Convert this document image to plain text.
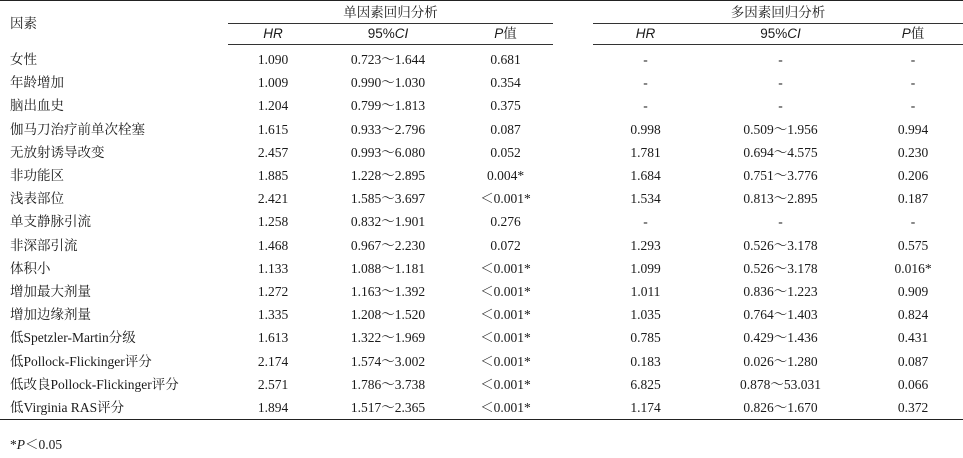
因素	单因素回归分析				多因素回归分析		
	HR	95%CI	P值		HR	95%CI	P值
女性	1.090	0.723～1.644	0.681		-	-	-
年龄增加	1.009	0.990～1.030	0.354		-	-	-
脑出血史	1.204	0.799～1.813	0.375		-	-	-
伽马刀治疗前单次栓塞	1.615	0.933～2.796	0.087		0.998	0.509～1.956	0.994
无放射诱导改变	2.457	0.993～6.080	0.052		1.781	0.694～4.575	0.230
非功能区	1.885	1.228～2.895	0.004*		1.684	0.751～3.776	0.206
浅表部位	2.421	1.585～3.697	＜0.001*		1.534	0.813～2.895	0.187
单支静脉引流	1.258	0.832～1.901	0.276		-	-	-
非深部引流	1.468	0.967～2.230	0.072		1.293	0.526～3.178	0.575
体积小	1.133	1.088～1.181	＜0.001*		1.099	0.526～3.178	0.016*
增加最大剂量	1.272	1.163～1.392	＜0.001*		1.011	0.836～1.223	0.909
增加边缘剂量	1.335	1.208～1.520	＜0.001*		1.035	0.764～1.403	0.824
低Spetzler-Martin分级	1.613	1.322～1.969	＜0.001*		0.785	0.429～1.436	0.431
低Pollock-Flickinger评分	2.174	1.574～3.002	＜0.001*		0.183	0.026～1.280	0.087
低改良Pollock-Flickinger评分	2.571	1.786～3.738	＜0.001*		6.825	0.878～53.031	0.066
低Virginia RAS评分	1.894	1.517～2.365	＜0.001*		1.174	0.826～1.670	0.372
*P＜0.05
